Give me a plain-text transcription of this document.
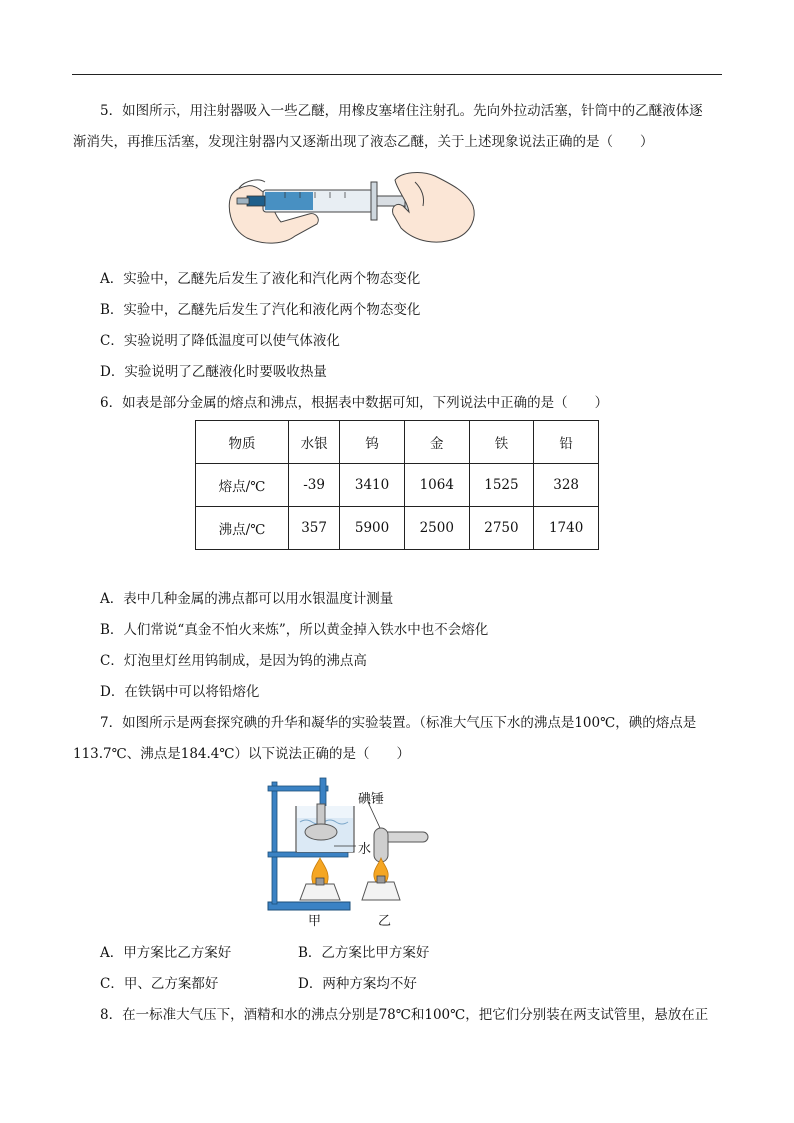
5．如图所示，用注射器吸入一些乙醚，用橡皮塞堵住注射孔。先向外拉动活塞，针筒中的乙醚液体逐
渐消失，再推压活塞，发现注射器内又逐渐出现了液态乙醚，关于上述现象说法正确的是（　　）
A．实验中，乙醚先后发生了液化和汽化两个物态变化
B．实验中，乙醚先后发生了汽化和液化两个物态变化
C．实验说明了降低温度可以使气体液化
D．实验说明了乙醚液化时要吸收热量
6．如表是部分金属的熔点和沸点，根据表中数据可知，下列说法中正确的是（　　）
物质	水银	钨	金	铁	铅
熔点/℃	-39	3410	1064	1525	328
沸点/℃	357	5900	2500	2750	1740
A．表中几种金属的沸点都可以用水银温度计测量
B．人们常说“真金不怕火来炼”，所以黄金掉入铁水中也不会熔化
C．灯泡里灯丝用钨制成，是因为钨的沸点高
D．在铁锅中可以将铅熔化
7．如图所示是两套探究碘的升华和凝华的实验装置。（标准大气压下水的沸点是100℃，碘的熔点是
113.7℃、沸点是184.4℃）以下说法正确的是（　　）
碘锤
水
甲	乙
A．甲方案比乙方案好	B．乙方案比甲方案好
C．甲、乙方案都好	D．两种方案均不好
8．在一标准大气压下，酒精和水的沸点分别是78℃和100℃，把它们分别装在两支试管里，悬放在正
